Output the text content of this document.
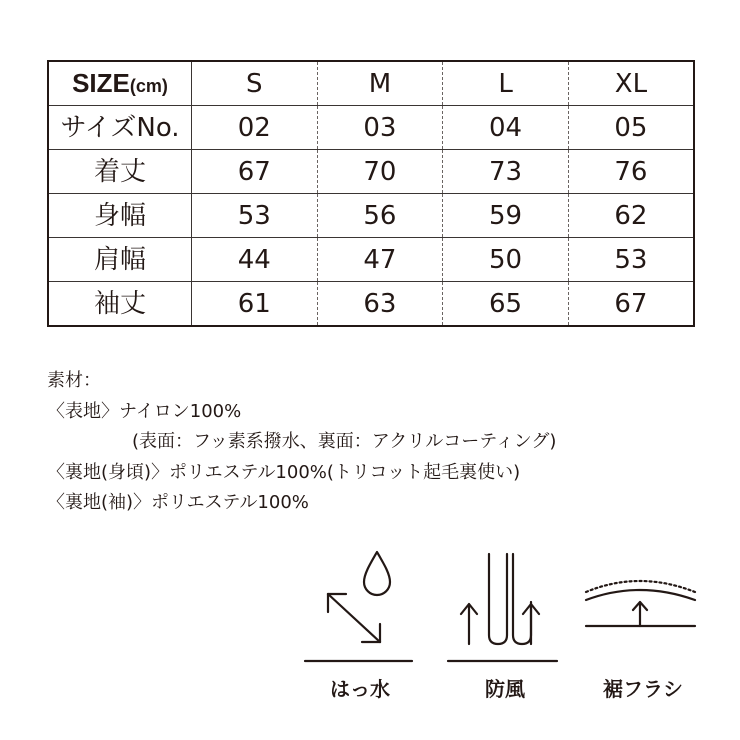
SIZE(cm)	S	M	L	XL
サイズNo.	02	03	04	05
着丈	67	70	73	76
身幅	53	56	59	62
肩幅	44	47	50	53
袖丈	61	63	65	67
素材：
〈表地〉ナイロン100%
(表面：フッ素系撥水、裏面：アクリルコーティング)
〈裏地(身頃)〉ポリエステル100%(トリコット起毛裏使い)
〈裏地(袖)〉ポリエステル100%
はっ水	防風	裾フラシ
